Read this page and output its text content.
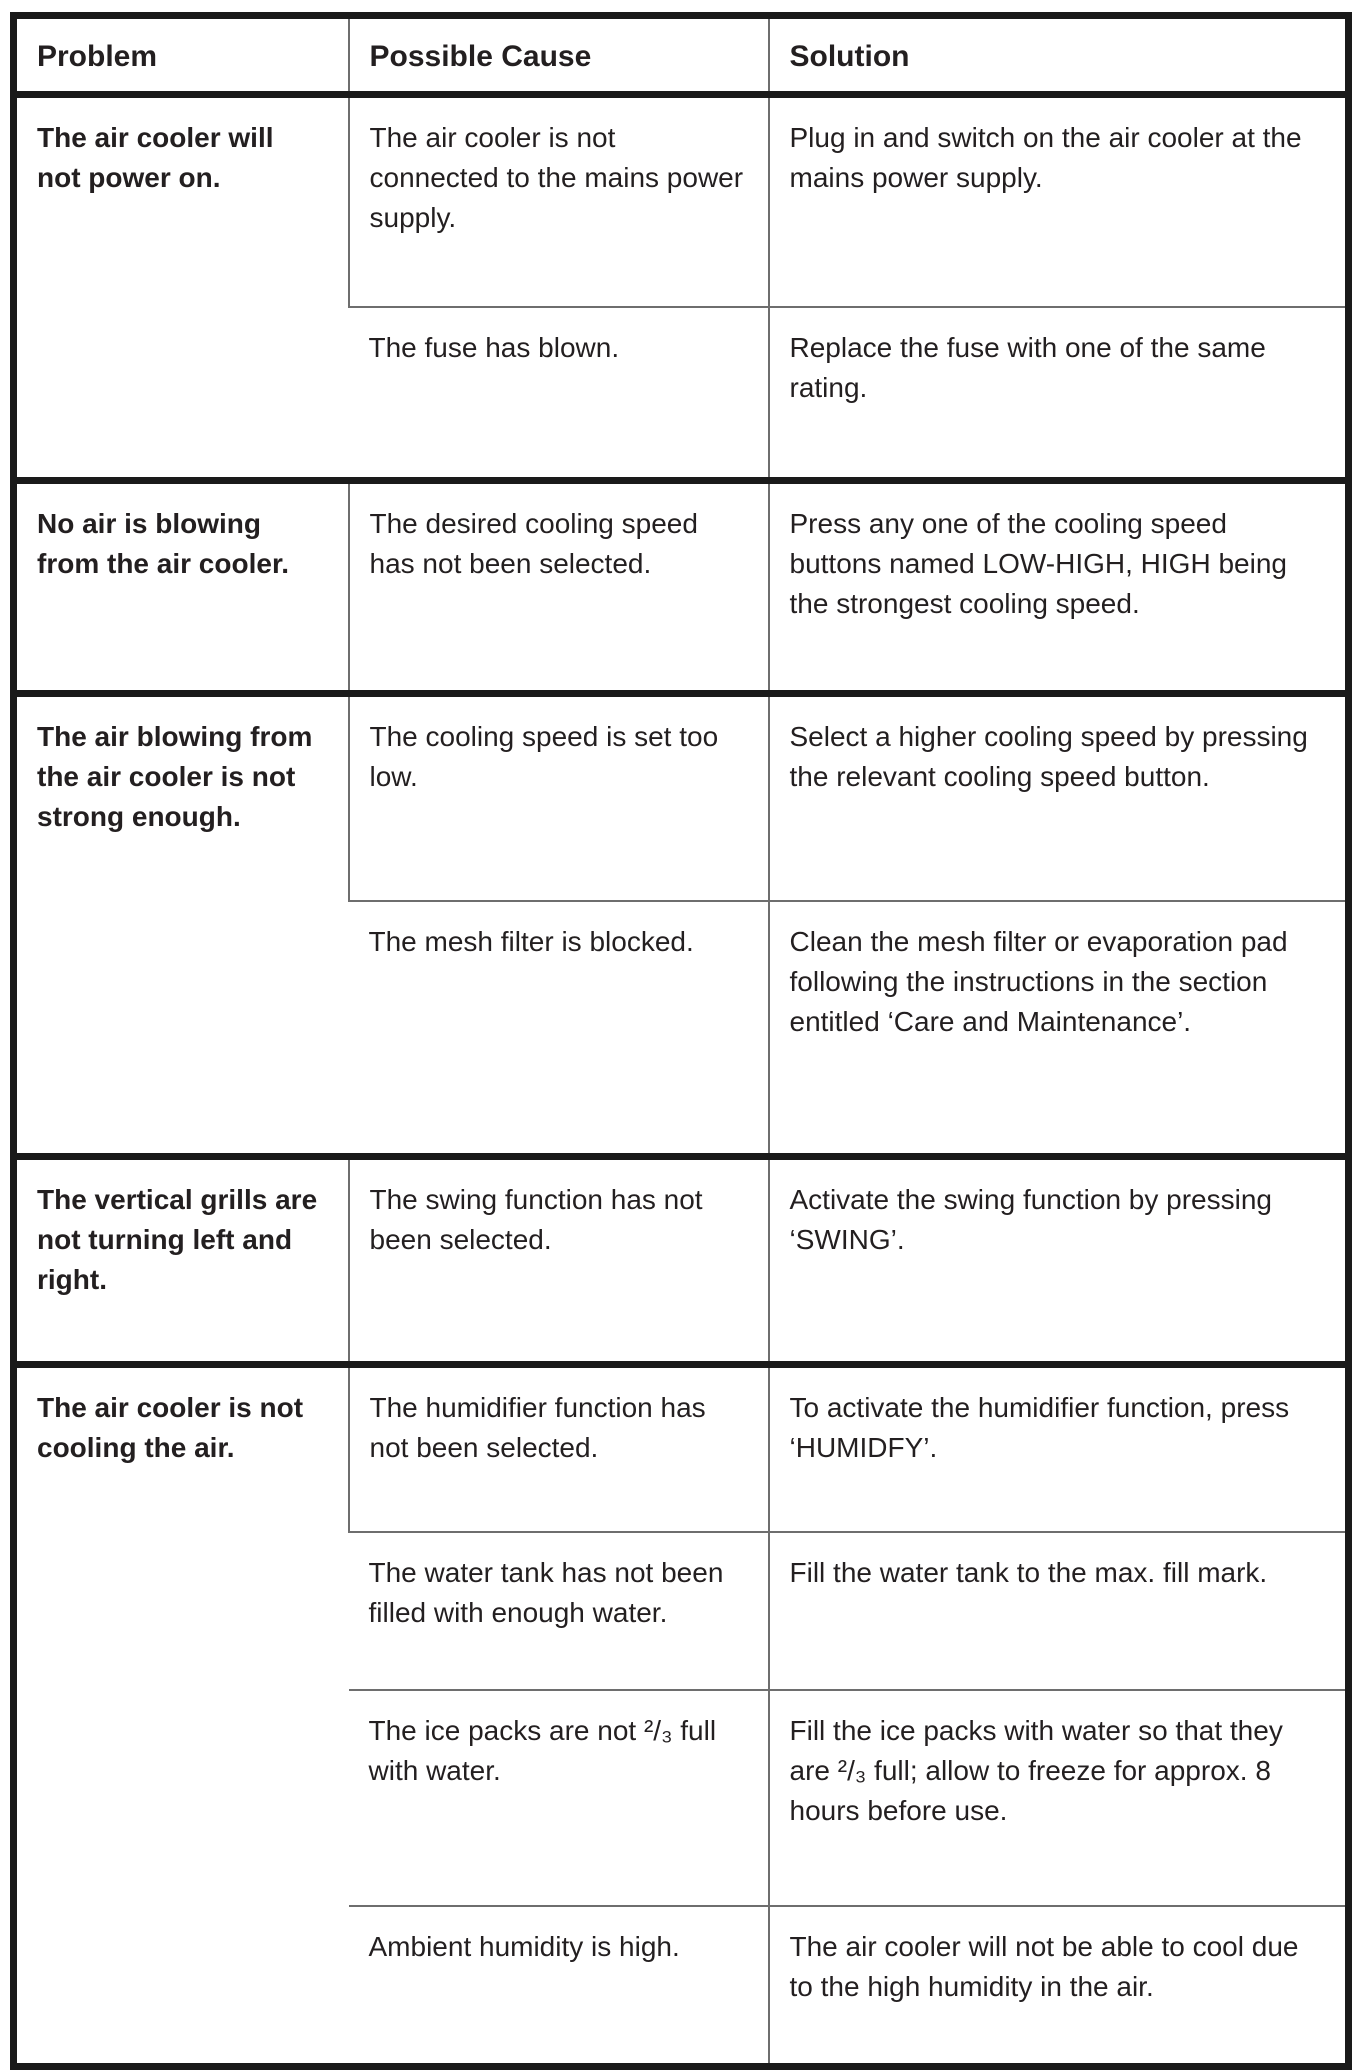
Problem	Possible Cause	Solution
The air cooler will not power on.	The air cooler is not connected to the mains power supply.	Plug in and switch on the air cooler at the mains power supply.
	The fuse has blown.	Replace the fuse with one of the same rating.
No air is blowing from the air cooler.	The desired cooling speed has not been selected.	Press any one of the cooling speed buttons named LOW-HIGH, HIGH being the strongest cooling speed.
The air blowing from the air cooler is not strong enough.	The cooling speed is set too low.	Select a higher cooling speed by pressing the relevant cooling speed button.
	The mesh filter is blocked.	Clean the mesh filter or evaporation pad following the instructions in the section entitled ‘Care and Maintenance’.
The vertical grills are not turning left and right.	The swing function has not been selected.	Activate the swing function by pressing ‘SWING’.
The air cooler is not cooling the air.	The humidifier function has not been selected.	To activate the humidifier function, press ‘HUMIDFY’.
	The water tank has not been filled with enough water.	Fill the water tank to the max. fill mark.
	The ice packs are not ²/₃ full with water.	Fill the ice packs with water so that they are ²/₃ full; allow to freeze for approx. 8 hours before use.
	Ambient humidity is high.	The air cooler will not be able to cool due to the high humidity in the air.
